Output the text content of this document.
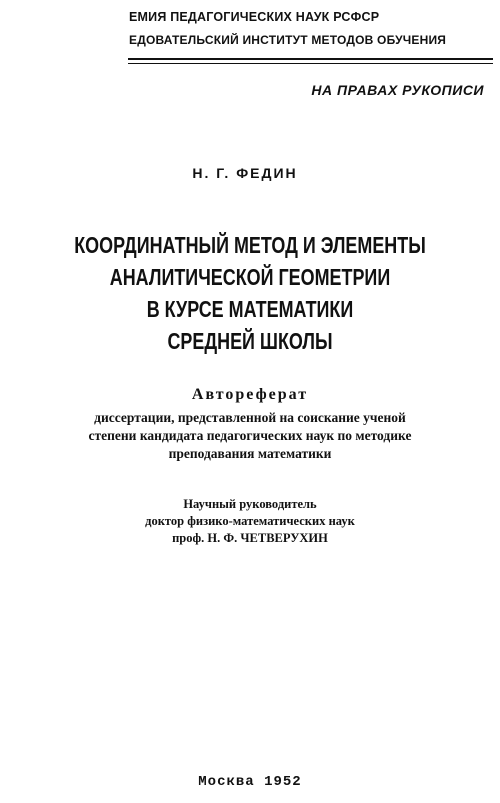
ЕМИЯ ПЕДАГОГИЧЕСКИХ НАУК РСФСР
ЕДОВАТЕЛЬСКИЙ ИНСТИТУТ МЕТОДОВ ОБУЧЕНИЯ
НА ПРАВАХ РУКОПИСИ
Н. Г. ФЕДИН
КООРДИНАТНЫЙ МЕТОД И ЭЛЕМЕНТЫ
АНАЛИТИЧЕСКОЙ ГЕОМЕТРИИ
В КУРСЕ МАТЕМАТИКИ
СРЕДНЕЙ ШКОЛЫ
Автореферат
диссертации, представленной на соискание ученой
степени кандидата педагогических наук по методике
преподавания математики
Научный руководитель
доктор физико-математических наук
проф. Н. Ф. ЧЕТВЕРУХИН
Москва 1952
